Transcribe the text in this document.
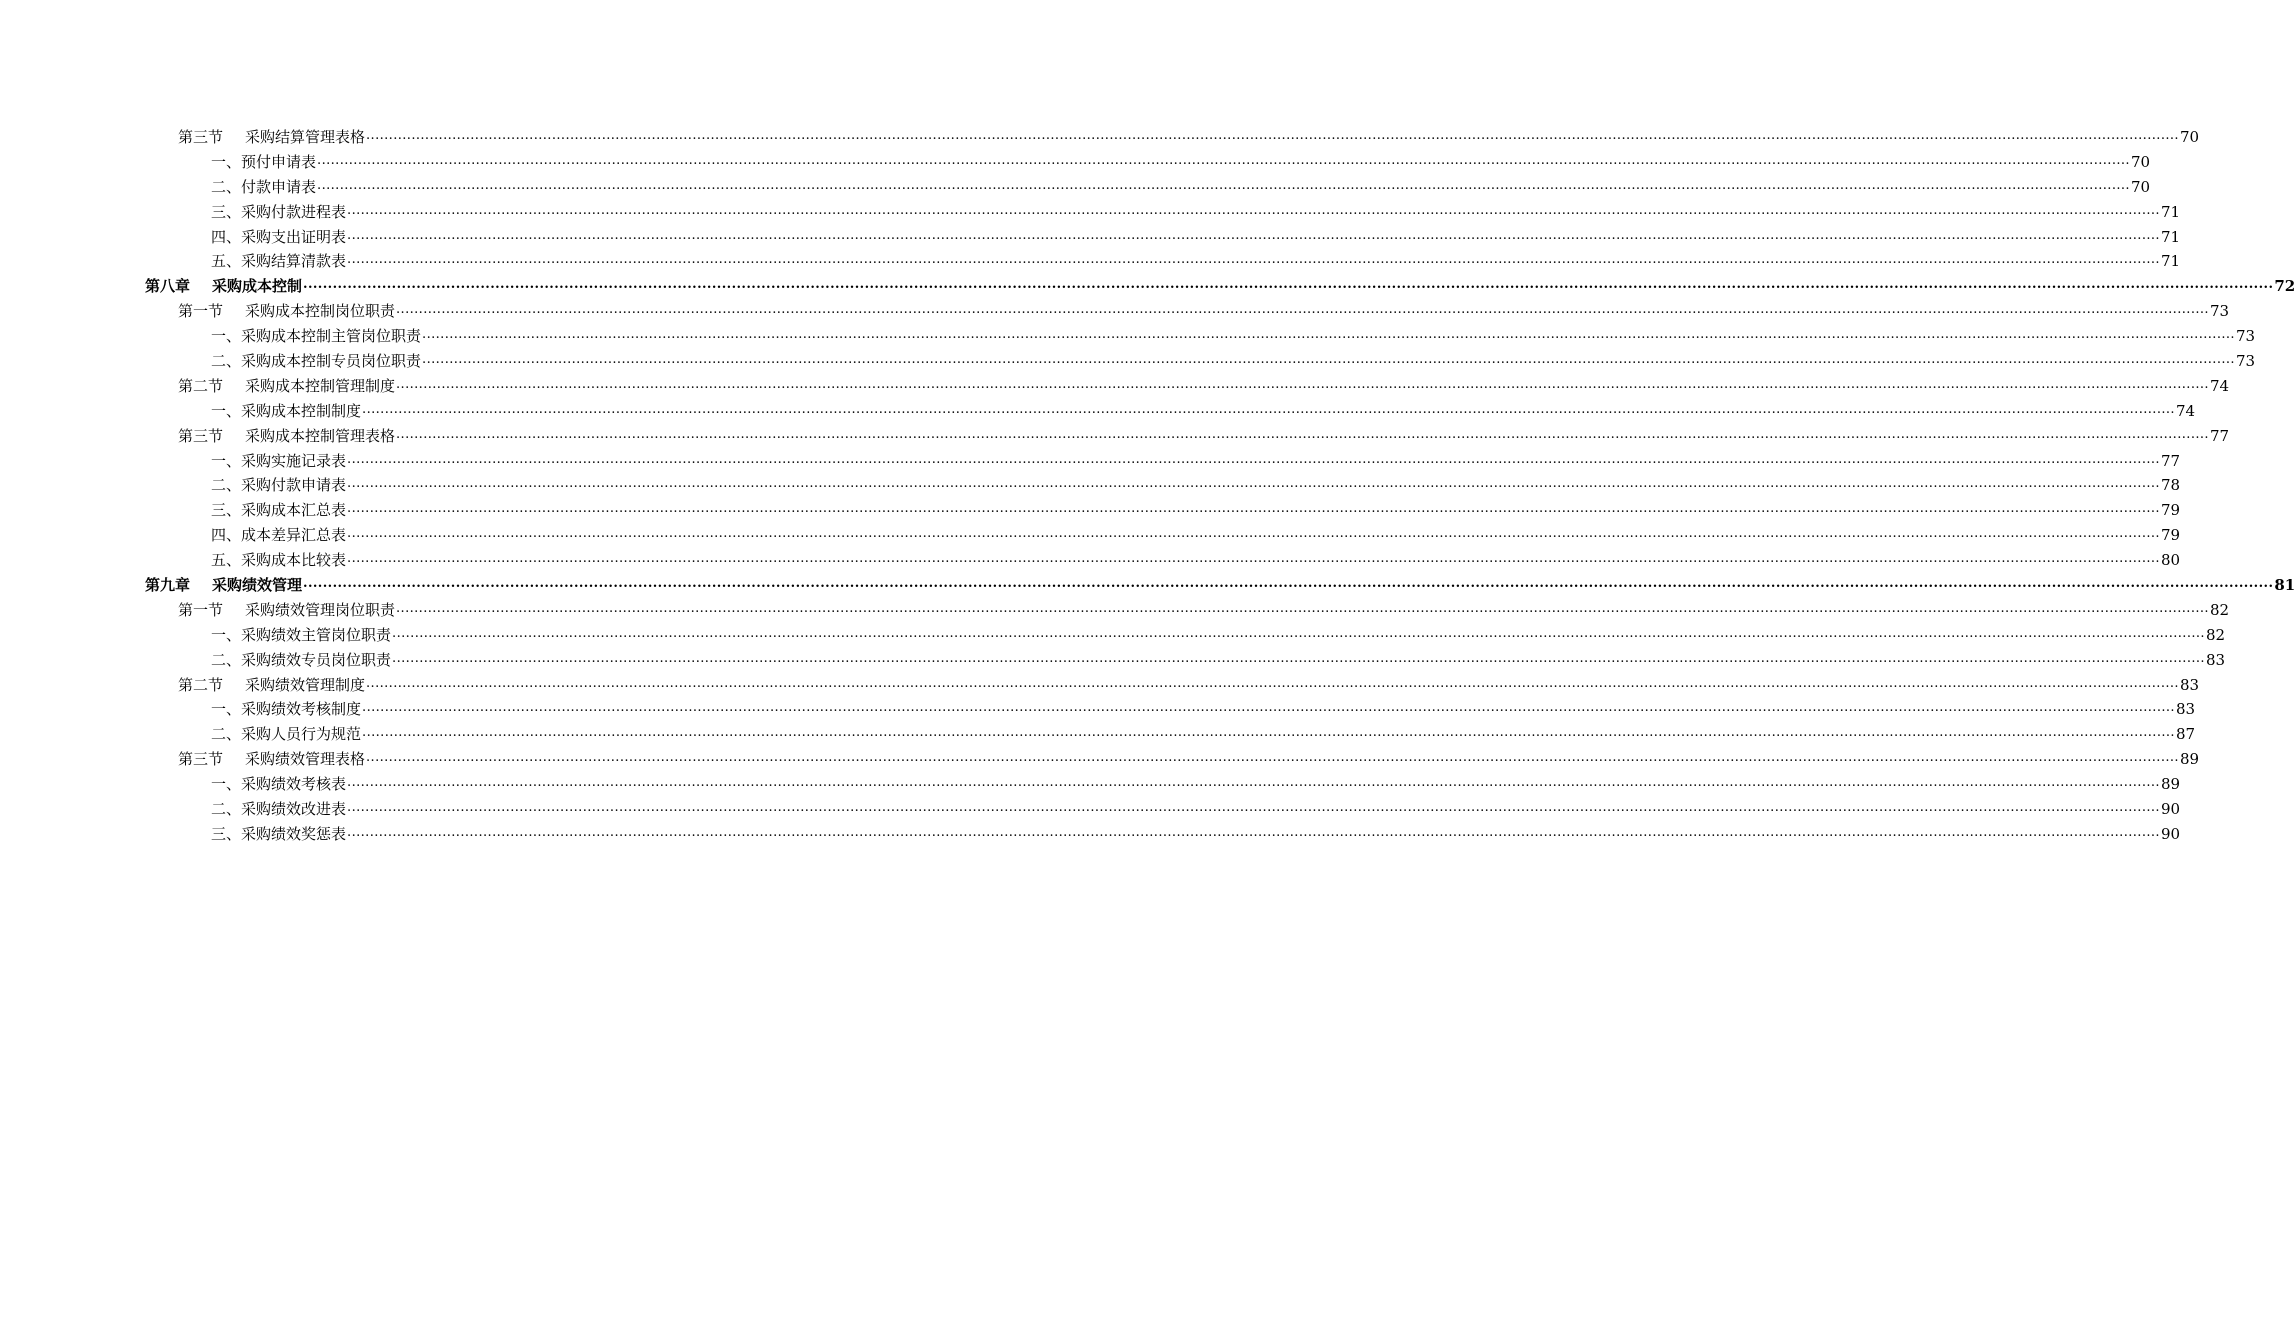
第三节	采购结算管理表格 ................................................................................................................................................................................................................................................................................................................................................................................................................ 70
一、 预付申请表 ................................................................................................................................................................................................................................................................................................................................................................................................................ 70
二、 付款申请表 ................................................................................................................................................................................................................................................................................................................................................................................................................ 70
三、 采购付款进程表 ................................................................................................................................................................................................................................................................................................................................................................................................................ 71
四、 采购支出证明表 ................................................................................................................................................................................................................................................................................................................................................................................................................ 71
五、 采购结算清款表 ................................................................................................................................................................................................................................................................................................................................................................................................................ 71
第八章	采购成本控制 ................................................................................................................................................................................................................................................................................................................................................................................................................ 72
第一节	采购成本控制岗位职责 ................................................................................................................................................................................................................................................................................................................................................................................................................ 73
一、 采购成本控制主管岗位职责 ................................................................................................................................................................................................................................................................................................................................................................................................................ 73
二、 采购成本控制专员岗位职责 ................................................................................................................................................................................................................................................................................................................................................................................................................ 73
第二节	采购成本控制管理制度 ................................................................................................................................................................................................................................................................................................................................................................................................................ 74
一、 采购成本控制制度 ................................................................................................................................................................................................................................................................................................................................................................................................................ 74
第三节	采购成本控制管理表格 ................................................................................................................................................................................................................................................................................................................................................................................................................ 77
一、 采购实施记录表 ................................................................................................................................................................................................................................................................................................................................................................................................................ 77
二、 采购付款申请表 ................................................................................................................................................................................................................................................................................................................................................................................................................ 78
三、 采购成本汇总表 ................................................................................................................................................................................................................................................................................................................................................................................................................ 79
四、 成本差异汇总表 ................................................................................................................................................................................................................................................................................................................................................................................................................ 79
五、 采购成本比较表 ................................................................................................................................................................................................................................................................................................................................................................................................................ 80
第九章	采购绩效管理 ................................................................................................................................................................................................................................................................................................................................................................................................................ 81
第一节	采购绩效管理岗位职责 ................................................................................................................................................................................................................................................................................................................................................................................................................ 82
一、 采购绩效主管岗位职责 ................................................................................................................................................................................................................................................................................................................................................................................................................ 82
二、 采购绩效专员岗位职责 ................................................................................................................................................................................................................................................................................................................................................................................................................ 83
第二节	采购绩效管理制度 ................................................................................................................................................................................................................................................................................................................................................................................................................ 83
一、 采购绩效考核制度 ................................................................................................................................................................................................................................................................................................................................................................................................................ 83
二、 采购人员行为规范 ................................................................................................................................................................................................................................................................................................................................................................................................................ 87
第三节	采购绩效管理表格 ................................................................................................................................................................................................................................................................................................................................................................................................................ 89
一、 采购绩效考核表 ................................................................................................................................................................................................................................................................................................................................................................................................................ 89
二、 采购绩效改进表 ................................................................................................................................................................................................................................................................................................................................................................................................................ 90
三、 采购绩效奖惩表 ................................................................................................................................................................................................................................................................................................................................................................................................................ 90
